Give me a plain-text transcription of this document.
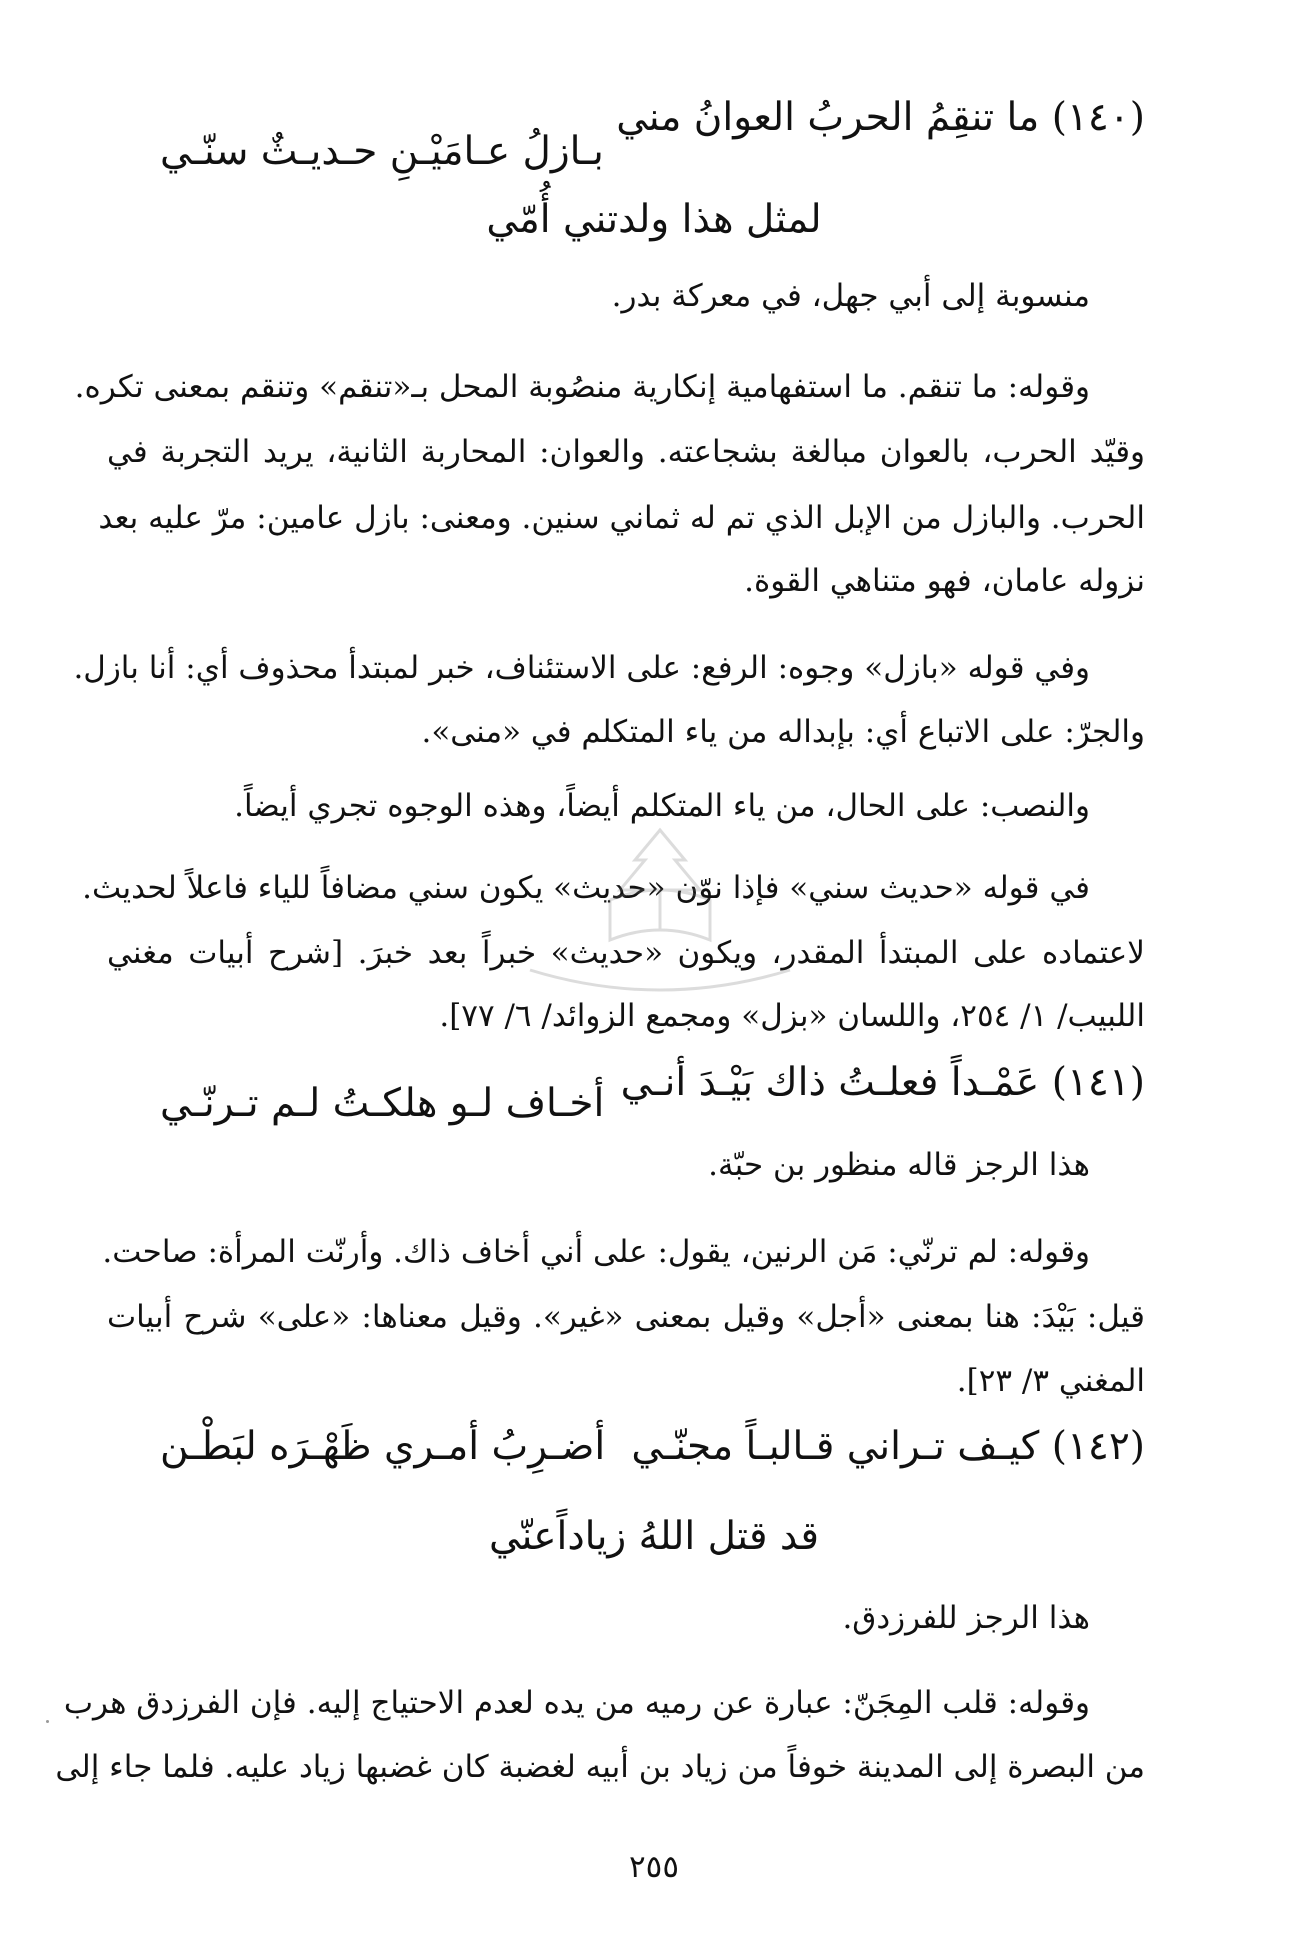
(١٤٠) ما تنقِمُ الحربُ العوانُ مني
بـازلُ عـامَيْـنِ حـديـثٌ سنّـي
لمثل هذا ولدتني أُمّي
منسوبة إلى أبي جهل، في معركة بدر.
وقوله: ما تنقم. ما استفهامية إنكارية منصُوبة المحل بـ«تنقم» وتنقم بمعنى تكره.
وقيّد الحرب، بالعوان مبالغة بشجاعته. والعوان: المحاربة الثانية، يريد التجربة في
الحرب. والبازل من الإبل الذي تم له ثماني سنين. ومعنى: بازل عامين: مرّ عليه بعد
نزوله عامان، فهو متناهي القوة.
وفي قوله «بازل» وجوه: الرفع: على الاستئناف، خبر لمبتدأ محذوف أي: أنا بازل.
والجرّ: على الاتباع أي: بإبداله من ياء المتكلم في «منى».
والنصب: على الحال، من ياء المتكلم أيضاً، وهذه الوجوه تجري أيضاً.
في قوله «حديث سني» فإذا نوّن «حديث» يكون سني مضافاً للياء فاعلاً لحديث.
لاعتماده على المبتدأ المقدر، ويكون «حديث» خبراً بعد خبرَ. [شرح أبيات مغني
اللبيب/ ١/ ٢٥٤، واللسان «بزل» ومجمع الزوائد/ ٦/ ٧٧].
(١٤١) عَمْـداً فعلـتُ ذاك بَيْـدَ أنـي
أخـاف لـو هلكـتُ لـم تـرنّـي
هذا الرجز قاله منظور بن حبّة.
وقوله: لم ترنّي: مَن الرنين، يقول: على أني أخاف ذاك. وأرنّت المرأة: صاحت.
قيل: بَيْدَ: هنا بمعنى «أجل» وقيل بمعنى «غير». وقيل معناها: «على» شرح أبيات
المغني ٣/ ٢٣].
(١٤٢) كيـف تـراني قـالبـاً مجنّـي
أضـرِبُ أمـري ظَهْـرَه لبَطْـن
قد قتل اللهُ زياداًعنّي
هذا الرجز للفرزدق.
وقوله: قلب المِجَنّ: عبارة عن رميه من يده لعدم الاحتياج إليه. فإن الفرزدق هرب
من البصرة إلى المدينة خوفاً من زياد بن أبيه لغضبة كان غضبها زياد عليه. فلما جاء إلى
٢٥٥
